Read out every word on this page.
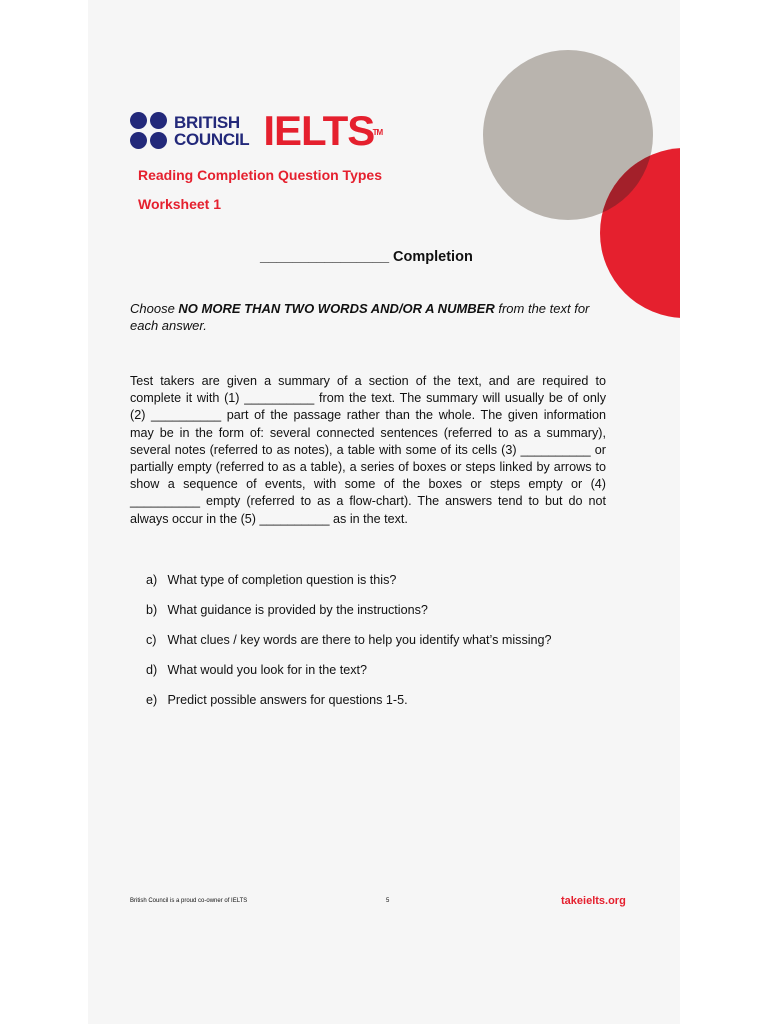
BRITISH
COUNCIL IELTS
TM
Reading Completion Question Types
Worksheet 1
________________ Completion
Choose NO MORE THAN TWO WORDS AND/OR A NUMBER from the text for each answer.
Test takers are given a summary of a section of the text, and are required to complete it with (1) __________ from the text. The summary will usually be of only (2) __________ part of the passage rather than the whole. The given information may be in the form of: several connected sentences (referred to as a summary), several notes (referred to as notes), a table with some of its cells (3) __________ or partially empty (referred to as a table), a series of boxes or steps linked by arrows to show a sequence of events, with some of the boxes or steps empty or (4) __________ empty (referred to as a flow-chart). The answers tend to but do not always occur in the (5) __________ as in the text.
a) What type of completion question is this?
b) What guidance is provided by the instructions?
c) What clues / key words are there to help you identify what’s missing?
d) What would you look for in the text?
e) Predict possible answers for questions 1-5.
British Council is a proud co-owner of IELTS	5	takeielts.org
